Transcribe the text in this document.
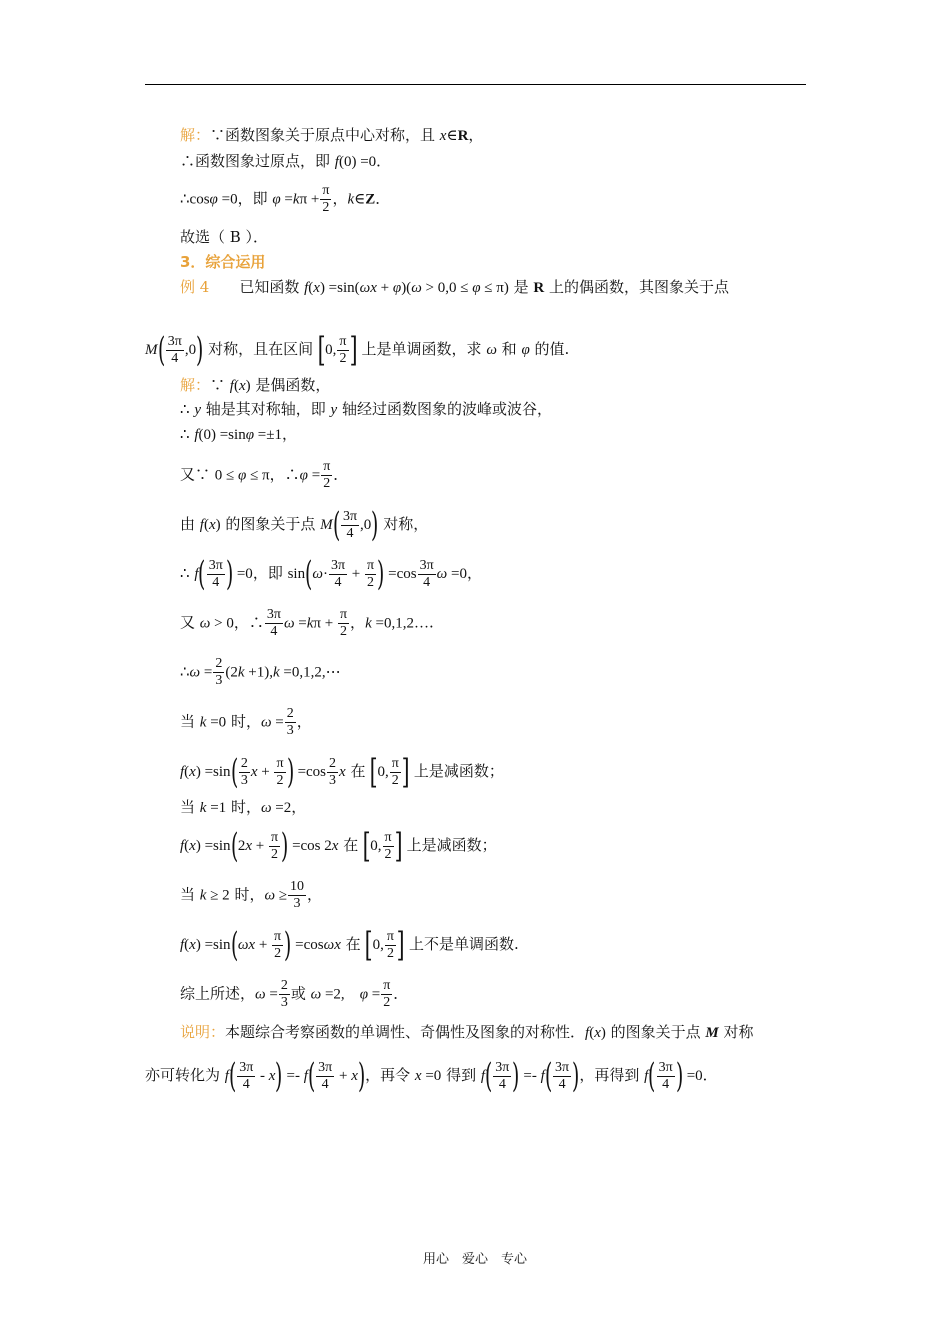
解：∵函数图象关于原点中心对称，且 x∈R，
∴函数图象过原点，即 f(0) =0．
∴cosφ =0，即 $\varphi =k\pi + \frac{\pi}{2}$ ，k∈Z．
故选（ B ）．
3．综合运用
例 4　　已知函数 f(x) =sin(ωx + φ)(ω > 0,0 ≤ φ ≤ π) 是 R 上的偶函数，其图象关于点
$M( \frac{3\pi}{4} ,0)$ 对称，且在区间 [0, $\frac{\pi}{2}$ ] 上是单调函数，求 ω 和 φ 的值.
解：∵ f(x) 是偶函数，
∴ y 轴是其对称轴，即 y 轴经过函数图象的波峰或波谷，
∴ f(0) =sinφ =±1，
又∵ 0 ≤ φ ≤ π，∴φ = $\frac{\pi}{2}$ ．
由 f(x) 的图象关于点 $M( \frac{3\pi}{4} ,0)$ 对称，
∴ $f( \frac{3\pi}{4}$ ) =0，即 $\sin(\omega\cdot \frac{3\pi}{4} + \frac{\pi}{2}$ ) $=\cos \frac{3\pi}{4}$ ω =0，
又 ω > 0，∴ $\frac{3\pi}{4}$ $\omega =k\pi + \frac{\pi}{2}$ ，k =0,1,2….
∴ω = $\frac{2}{3} (2k +1),k$ =0,1,2,⋯
当 k =0 时，$\omega = \frac{2}{3}$ ，
$f(x) =\sin( \frac{2}{3}$ $x + \frac{\pi}{2}$ ) $=\cos \frac{2}{3}$ x 在 [0, $\frac{\pi}{2}$ ] 上是减函数；
当 k =1 时，ω =2，
$f(x) =\sin(2x + \frac{\pi}{2}$ ) =cos 2x 在 [0, $\frac{\pi}{2}$ ] 上是减函数；
当 k ≥ 2 时，$\omega \ge \frac{10}{3}$ ，
$f(x) =\sin(\omega x + \frac{\pi}{2}$ ) =cosωx 在 [0, $\frac{\pi}{2}$ ] 上不是单调函数.
综上所述，$\omega = \frac{2}{3}$ 或 ω =2,　 $\varphi = \frac{\pi}{2}$ ．
说明：本题综合考察函数的单调性、奇偶性及图象的对称性．f(x) 的图象关于点 M 对称
亦可转化为 $f( \frac{3\pi}{4} - x) =- f( \frac{3\pi}{4} + x)$，再令 x =0 得到 $f( \frac{3\pi}{4}$ ) =- $f( \frac{3\pi}{4}$ )，再得到 $f( \frac{3\pi}{4}$ ) =0．
用心　爱心　专心
